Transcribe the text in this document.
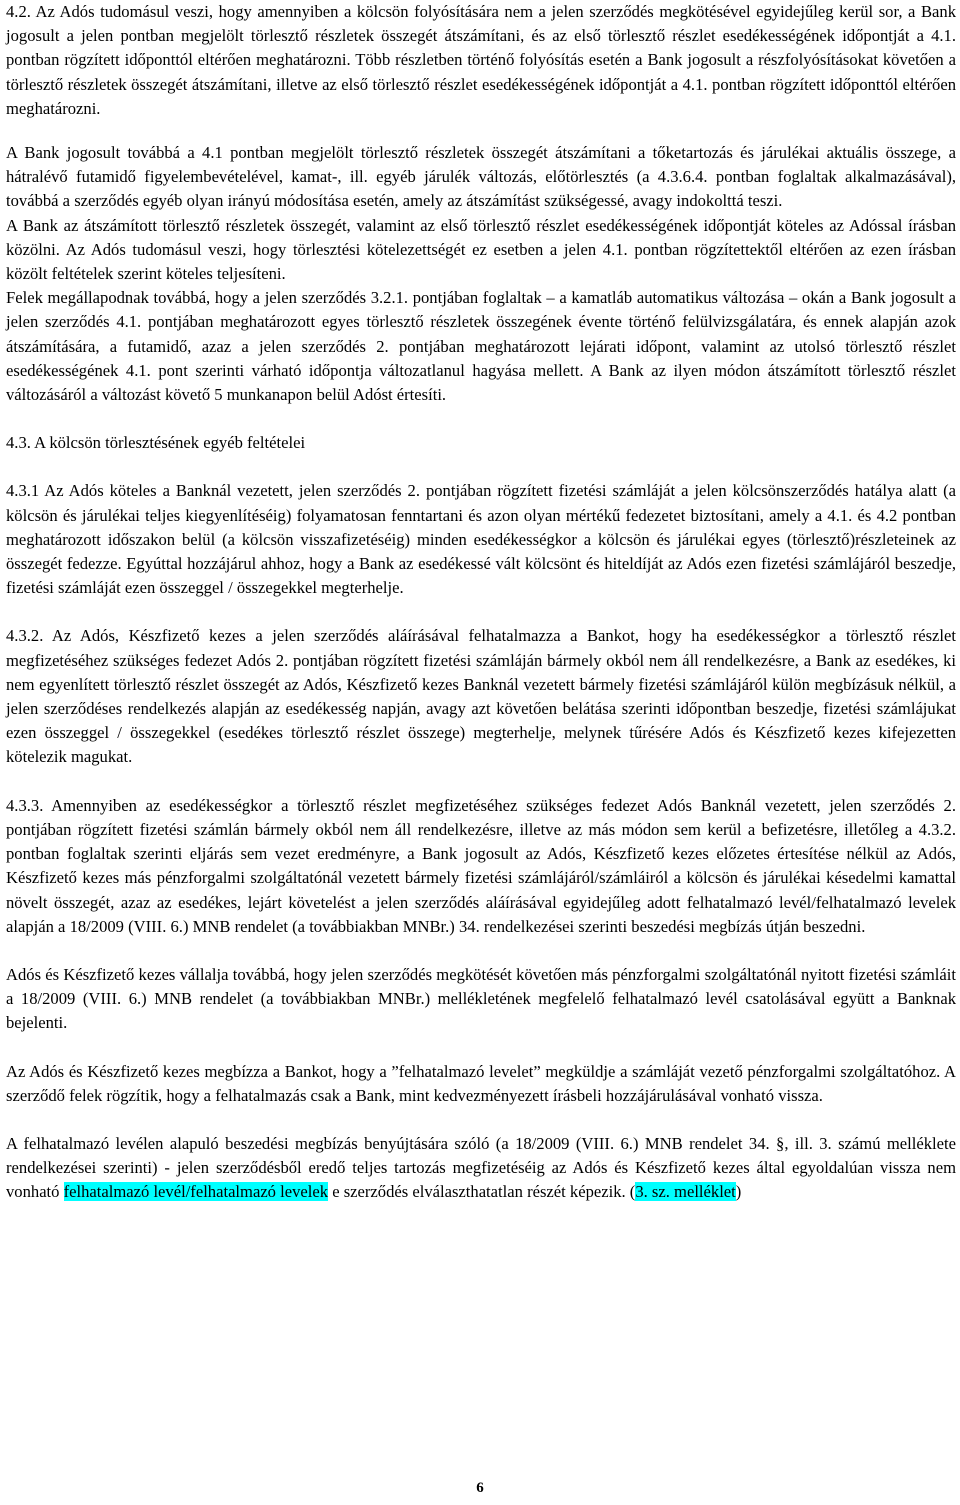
4.2. Az Adós tudomásul veszi, hogy amennyiben a kölcsön folyósítására nem a jelen szerződés megkötésével egyidejűleg kerül sor, a Bank jogosult a jelen pontban megjelölt törlesztő részletek összegét átszámítani, és az első törlesztő részlet esedékességének időpontját a 4.1. pontban rögzített időponttól eltérően meghatározni. Több részletben történő folyósítás esetén a Bank jogosult a részfolyósításokat követően a törlesztő részletek összegét átszámítani, illetve az első törlesztő részlet esedékességének időpontját a 4.1. pontban rögzített időponttól eltérően meghatározni.

A Bank jogosult továbbá a 4.1 pontban megjelölt törlesztő részletek összegét átszámítani a tőketartozás és járulékai aktuális összege, a hátralévő futamidő figyelembevételével, kamat-, ill. egyéb járulék változás, előtörlesztés (a 4.3.6.4. pontban foglaltak alkalmazásával), továbbá a szerződés egyéb olyan irányú módosítása esetén, amely az átszámítást szükségessé, avagy indokolttá teszi.

A Bank az átszámított törlesztő részletek összegét, valamint az első törlesztő részlet esedékességének időpontját köteles az Adóssal írásban közölni. Az Adós tudomásul veszi, hogy törlesztési kötelezettségét ez esetben a jelen 4.1. pontban rögzítettektől eltérően az ezen írásban közölt feltételek szerint köteles teljesíteni.

Felek megállapodnak továbbá, hogy a jelen szerződés 3.2.1. pontjában foglaltak – a kamatláb automatikus változása – okán a Bank jogosult a jelen szerződés 4.1. pontjában meghatározott egyes törlesztő részletek összegének évente történő felülvizsgálatára, és ennek alapján azok átszámítására, a futamidő, azaz a jelen szerződés 2. pontjában meghatározott lejárati időpont, valamint az utolsó törlesztő részlet esedékességének 4.1. pont szerinti várható időpontja változatlanul hagyása mellett. A Bank az ilyen módon átszámított törlesztő részlet változásáról a változást követő 5 munkanapon belül Adóst értesíti.

4.3. A kölcsön törlesztésének egyéb feltételei

4.3.1 Az Adós köteles a Banknál vezetett, jelen szerződés 2. pontjában rögzített fizetési számláját a jelen kölcsönszerződés hatálya alatt (a kölcsön és járulékai teljes kiegyenlítéséig) folyamatosan fenntartani és azon olyan mértékű fedezetet biztosítani, amely a 4.1. és 4.2 pontban meghatározott időszakon belül (a kölcsön visszafizetéséig) minden esedékességkor a kölcsön és járulékai egyes (törlesztő)részleteinek az összegét fedezze. Egyúttal hozzájárul ahhoz, hogy a Bank az esedékessé vált kölcsönt és hiteldíját az Adós ezen fizetési számlájáról beszedje, fizetési számláját ezen összeggel / összegekkel megterhelje.

4.3.2. Az Adós, Készfizető kezes a jelen szerződés aláírásával felhatalmazza a Bankot, hogy ha esedékességkor a törlesztő részlet megfizetéséhez szükséges fedezet Adós 2. pontjában rögzített fizetési számláján bármely okból nem áll rendelkezésre, a Bank az esedékes, ki nem egyenlített törlesztő részlet összegét az Adós, Készfizető kezes Banknál vezetett bármely fizetési számlájáról külön megbízásuk nélkül, a jelen szerződéses rendelkezés alapján az esedékesség napján, avagy azt követően belátása szerinti időpontban beszedje, fizetési számlájukat ezen összeggel / összegekkel (esedékes törlesztő részlet összege) megterhelje, melynek tűrésére Adós és Készfizető kezes kifejezetten kötelezik magukat.

4.3.3. Amennyiben az esedékességkor a törlesztő részlet megfizetéséhez szükséges fedezet Adós Banknál vezetett, jelen szerződés 2. pontjában rögzített fizetési számlán bármely okból nem áll rendelkezésre, illetve az más módon sem kerül a befizetésre, illetőleg a 4.3.2. pontban foglaltak szerinti eljárás sem vezet eredményre, a Bank jogosult az Adós, Készfizető kezes előzetes értesítése nélkül az Adós, Készfizető kezes más pénzforgalmi szolgáltatónál vezetett bármely fizetési számlájáról/számláiról a kölcsön és járulékai késedelmi kamattal növelt összegét, azaz az esedékes, lejárt követelést a jelen szerződés aláírásával egyidejűleg adott felhatalmazó levél/felhatalmazó levelek alapján a 18/2009 (VIII. 6.) MNB rendelet (a továbbiakban MNBr.) 34. rendelkezései szerinti beszedési megbízás útján beszedni.

Adós és Készfizető kezes vállalja továbbá, hogy jelen szerződés megkötését követően más pénzforgalmi szolgáltatónál nyitott fizetési számláit a 18/2009 (VIII. 6.) MNB rendelet (a továbbiakban MNBr.) mellékletének megfelelő felhatalmazó levél csatolásával együtt a Banknak bejelenti.

Az Adós és Készfizető kezes megbízza a Bankot, hogy a ”felhatalmazó levelet” megküldje a számláját vezető pénzforgalmi szolgáltatóhoz. A szerződő felek rögzítik, hogy a felhatalmazás csak a Bank, mint kedvezményezett írásbeli hozzájárulásával vonható vissza.

A felhatalmazó levélen alapuló beszedési megbízás benyújtására szóló (a 18/2009 (VIII. 6.) MNB rendelet 34. §, ill. 3. számú melléklete rendelkezései szerinti) - jelen szerződésből eredő teljes tartozás megfizetéséig az Adós és Készfizető kezes által egyoldalúan vissza nem vonható felhatalmazó levél/felhatalmazó levelek e szerződés elválaszthatatlan részét képezik. (3. sz. melléklet)

6
